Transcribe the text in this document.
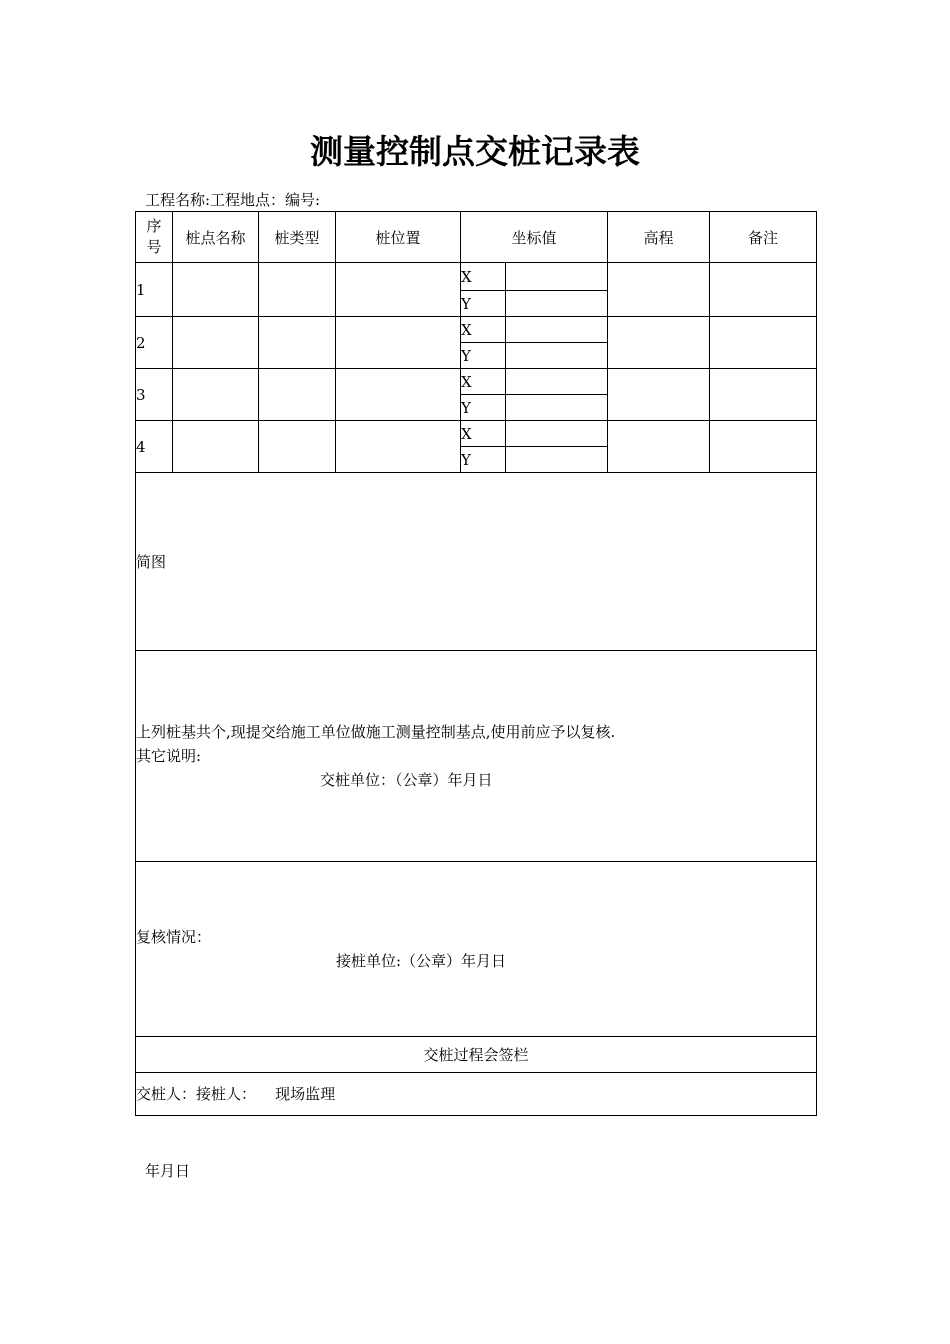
测量控制点交桩记录表
工程名称:工程地点：编号:
序
号	桩点名称	桩类型	桩位置	坐标值		高程	备注
1				X			
				Y			
2				X			
				Y			
3				X			
				Y			
4				X			
				Y			

简图							

上列桩基共个,现提交给施工单位做施工测量控制基点,使用前应予以复核.
其它说明:
交桩单位：（公章）年月日							

复核情况：
接桩单位:（公章）年月日							

交桩过程会签栏							

交桩人：接桩人：    现场监理							
年月日
